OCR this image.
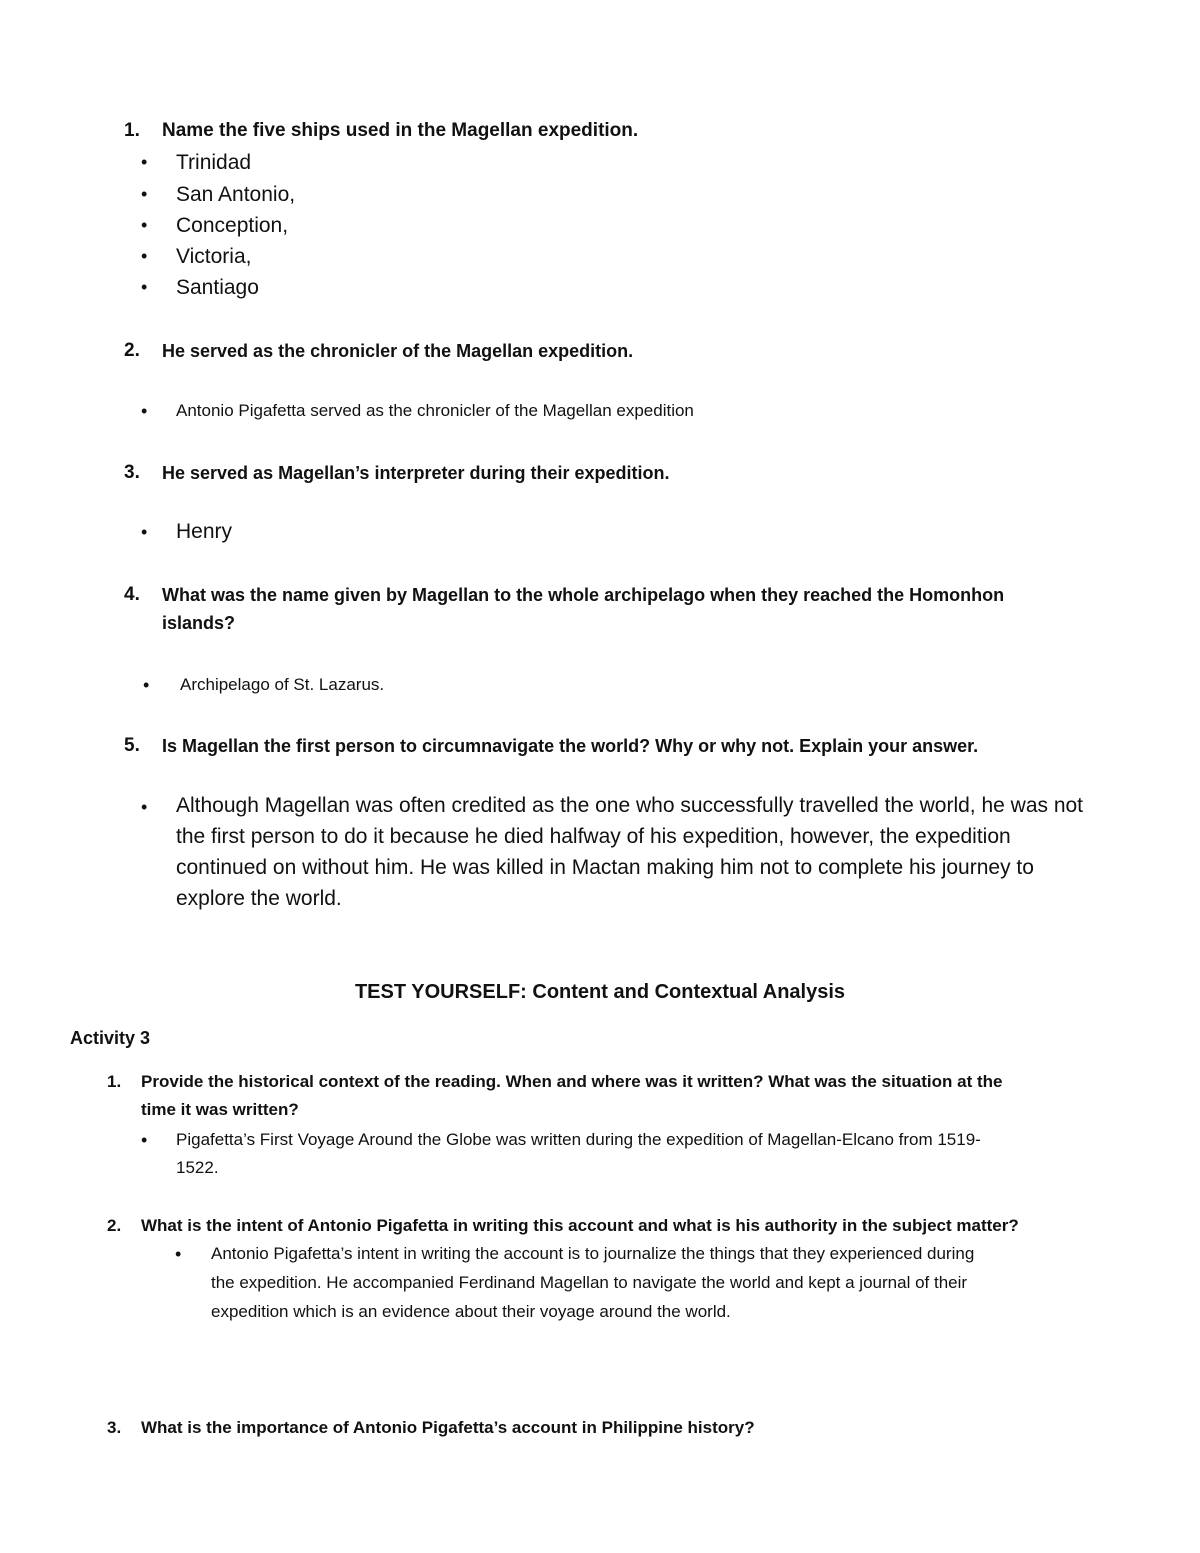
1. Name the five ships used in the Magellan expedition.
• Trinidad
• San Antonio,
• Conception,
• Victoria,
• Santiago
2. He served as the chronicler of the Magellan expedition.
• Antonio Pigafetta served as the chronicler of the Magellan expedition
3. He served as Magellan’s interpreter during their expedition.
• Henry
4. What was the name given by Magellan to the whole archipelago when they reached the Homonhon
islands?
• Archipelago of St. Lazarus.
5. Is Magellan the first person to circumnavigate the world? Why or why not. Explain your answer.
• Although Magellan was often credited as the one who successfully travelled the world, he was not
the first person to do it because he died halfway of his expedition, however, the expedition
continued on without him. He was killed in Mactan making him not to complete his journey to
explore the world.
TEST YOURSELF: Content and Contextual Analysis
Activity 3
1. Provide the historical context of the reading. When and where was it written? What was the situation at the
time it was written?
• Pigafetta’s First Voyage Around the Globe was written during the expedition of Magellan-Elcano from 1519-
1522.
2. What is the intent of Antonio Pigafetta in writing this account and what is his authority in the subject matter?
• Antonio Pigafetta’s intent in writing the account is to journalize the things that they experienced during
the expedition. He accompanied Ferdinand Magellan to navigate the world and kept a journal of their
expedition which is an evidence about their voyage around the world.
3. What is the importance of Antonio Pigafetta’s account in Philippine history?
